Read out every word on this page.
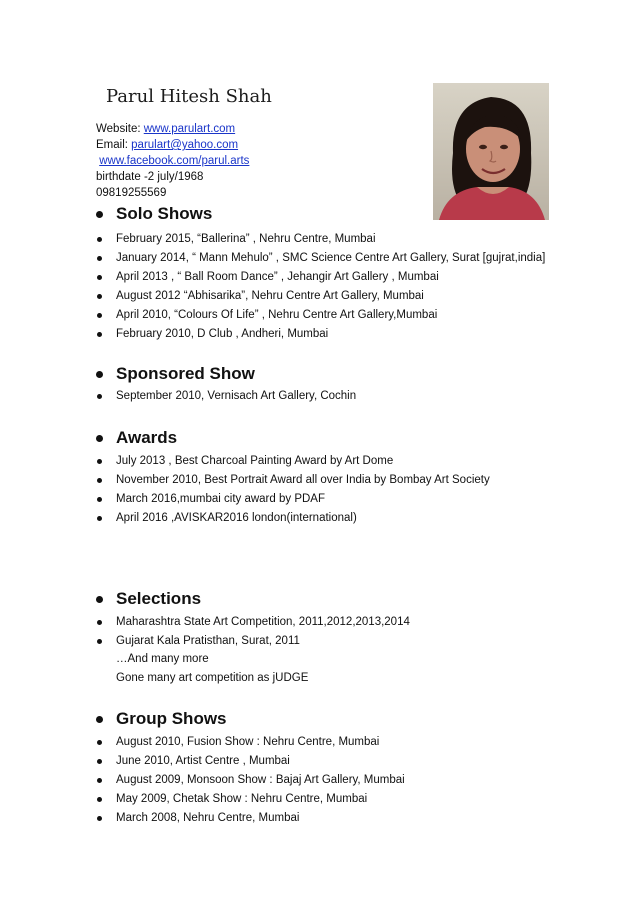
Parul Hitesh Shah
Website: www.parulart.com
Email: parulart@yahoo.com
www.facebook.com/parul.arts
birthdate -2 july/1968
09819255569
Solo Shows
February 2015, “Ballerina” , Nehru Centre, Mumbai
January 2014, “ Mann Mehulo” , SMC Science Centre Art Gallery, Surat [gujrat,india]
April 2013 , “ Ball Room Dance” , Jehangir Art Gallery , Mumbai
August 2012 “Abhisarika”, Nehru Centre Art Gallery, Mumbai
April 2010, “Colours Of Life” , Nehru Centre Art Gallery,Mumbai
February 2010, D Club , Andheri, Mumbai
Sponsored Show
September 2010, Vernisach Art Gallery, Cochin
Awards
July 2013 , Best Charcoal Painting Award by Art Dome
November 2010, Best Portrait Award all over India by Bombay Art Society
March 2016,mumbai city award by PDAF
April 2016 ,AVISKAR2016 london(international)
Selections
Maharashtra State Art Competition, 2011,2012,2013,2014
Gujarat Kala Pratisthan, Surat, 2011
…And many more
Gone many art competition as jUDGE
Group Shows
August 2010, Fusion Show : Nehru Centre, Mumbai
June 2010, Artist Centre , Mumbai
August 2009, Monsoon Show : Bajaj Art Gallery, Mumbai
May 2009, Chetak Show : Nehru Centre, Mumbai
March 2008, Nehru Centre, Mumbai
